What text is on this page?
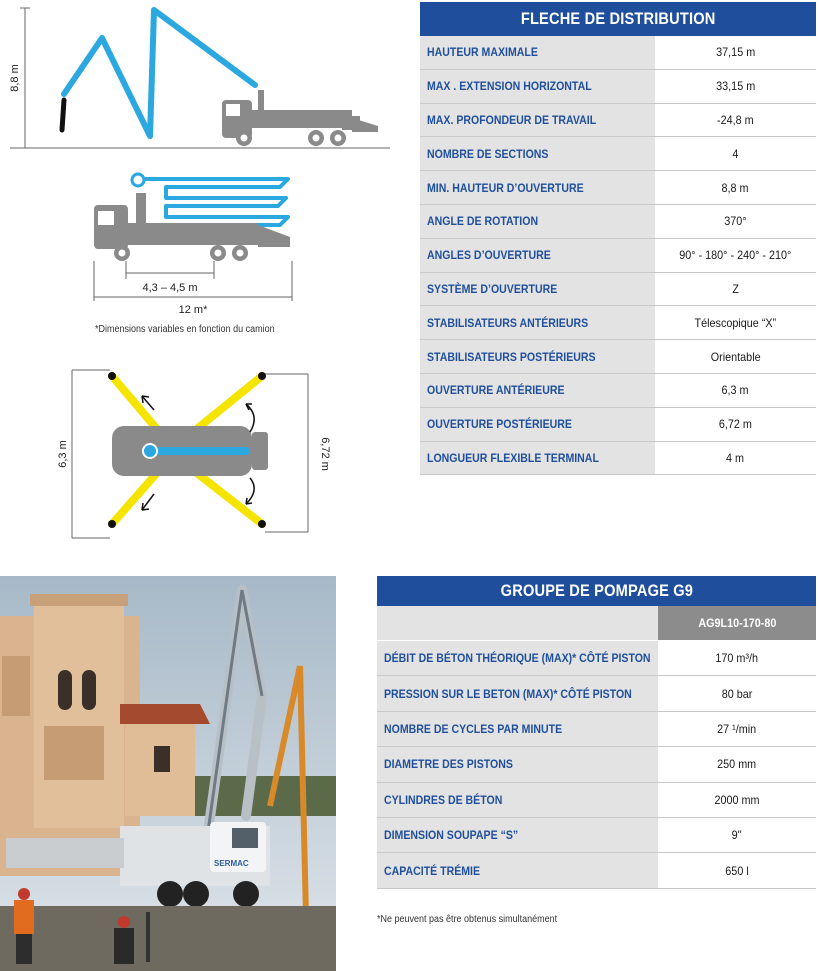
8,8 m
4,3 – 4,5 m
12 m*
*Dimensions variables en fonction du camion
6,3 m	6,72 m
FLECHE DE DISTRIBUTION
HAUTEUR MAXIMALE	37,15 m
MAX . EXTENSION HORIZONTAL	33,15 m
MAX. PROFONDEUR DE TRAVAIL	-24,8 m
NOMBRE DE SECTIONS	4
MIN. HAUTEUR D’OUVERTURE	8,8 m
ANGLE DE ROTATION	370°
ANGLES D’OUVERTURE	90° - 180° - 240° - 210°
SYSTÈME D’OUVERTURE	Z
STABILISATEURS ANTÉRIEURS	Télescopique “X”
STABILISATEURS POSTÉRIEURS	Orientable
OUVERTURE ANTÉRIEURE	6,3 m
OUVERTURE POSTÉRIEURE	6,72 m
LONGUEUR FLEXIBLE TERMINAL	4 m
GROUPE DE POMPAGE G9
AG9L10-170-80
DÉBIT DE BÉTON THÉORIQUE (MAX)* CÔTÉ PISTON	170 m³/h
PRESSION SUR LE BETON (MAX)* CÔTÉ PISTON	80 bar
NOMBRE DE CYCLES PAR MINUTE	27 ¹/min
DIAMETRE DES PISTONS	250 mm
CYLINDRES DE BÉTON	2000 mm
DIMENSION SOUPAPE “S”	9''
CAPACITÉ TRÉMIE	650 l
*Ne peuvent pas être obtenus simultanément
SERMAC
